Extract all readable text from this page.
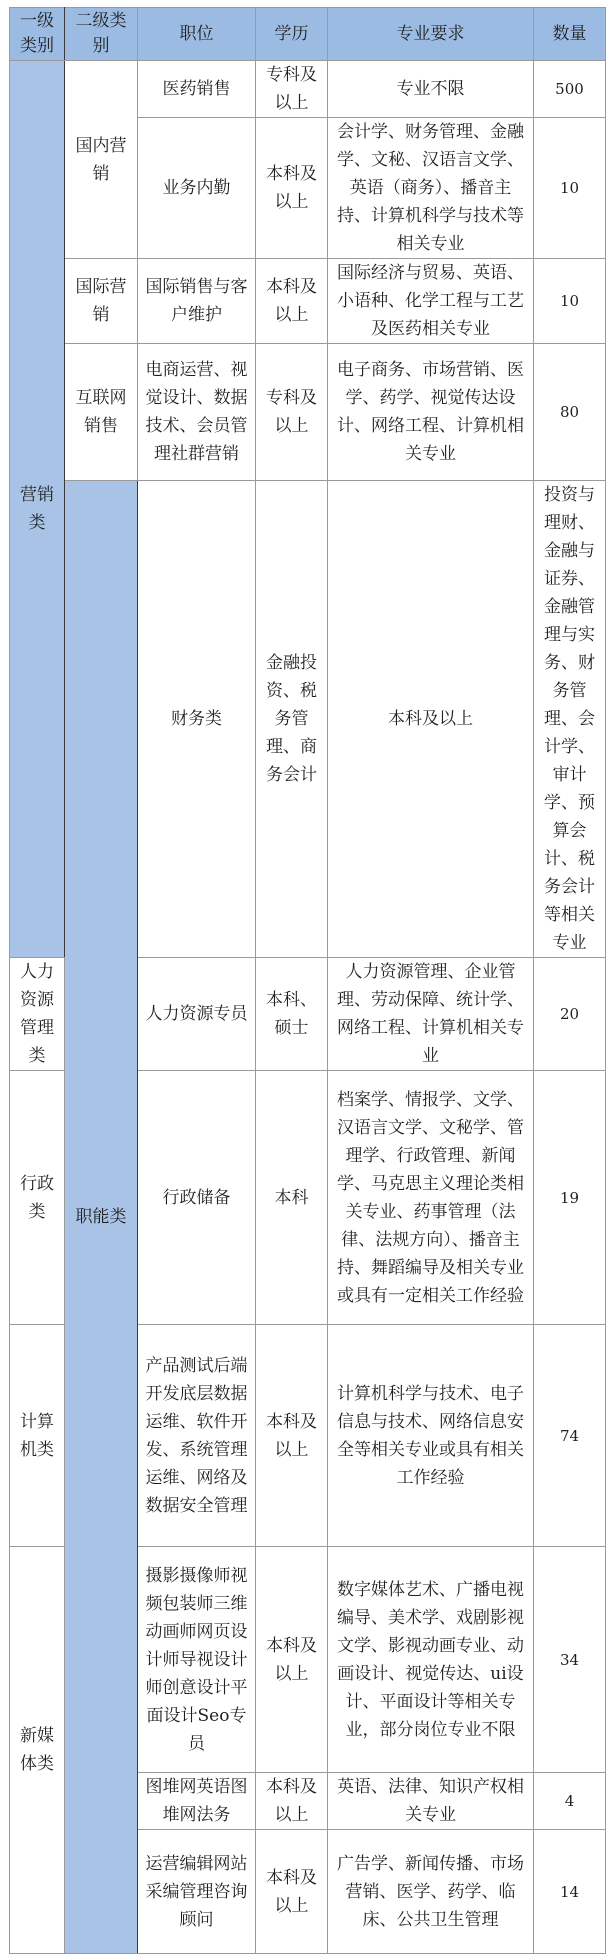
一级类别	二级类别	职位	学历	专业要求	数量	
营销类	国内营销	医药销售	专科及以上	专业不限	500	
		业务内勤	本科及以上	会计学、财务管理、金融学、文秘、汉语言文学、英语（商务）、播音主持、计算机科学与技术等相关专业	10	
	国际营销	国际销售与客户维护	本科及以上	国际经济与贸易、英语、小语种、化学工程与工艺及医药相关专业	10	
	互联网销售	电商运营、视觉设计、数据技术、会员管理社群营销	专科及以上	电子商务、市场营销、医学、药学、视觉传达设计、网络工程、计算机相关专业	80	
	职能类	财务类	金融投资、税务管理、商务会计	本科及以上	投资与理财、金融与证券、金融管理与实务、财务管理、会计学、审计学、预算会计、税务会计等相关专业	
人力资源管理类		人力资源专员	本科、硕士	人力资源管理、企业管理、劳动保障、统计学、网络工程、计算机相关专业	20	
行政类		行政储备	本科	档案学、情报学、文学、汉语言文学、文秘学、管理学、行政管理、新闻学、马克思主义理论类相关专业、药事管理（法律、法规方向）、播音主持、舞蹈编导及相关专业或具有一定相关工作经验	19	
计算机类		产品测试后端开发底层数据运维、软件开发、系统管理运维、网络及数据安全管理	本科及以上	计算机科学与技术、电子信息与技术、网络信息安全等相关专业或具有相关工作经验	74	
新媒体类		摄影摄像师视频包装师三维动画师网页设计师导视设计师创意设计平面设计Seo专员	本科及以上	数字媒体艺术、广播电视编导、美术学、戏剧影视文学、影视动画专业、动画设计、视觉传达、ui设计、平面设计等相关专业，部分岗位专业不限	34	
		图堆网英语图堆网法务	本科及以上	英语、法律、知识产权相关专业	4	
		运营编辑网站采编管理咨询顾问	本科及以上	广告学、新闻传播、市场营销、医学、药学、临床、公共卫生管理	14	
